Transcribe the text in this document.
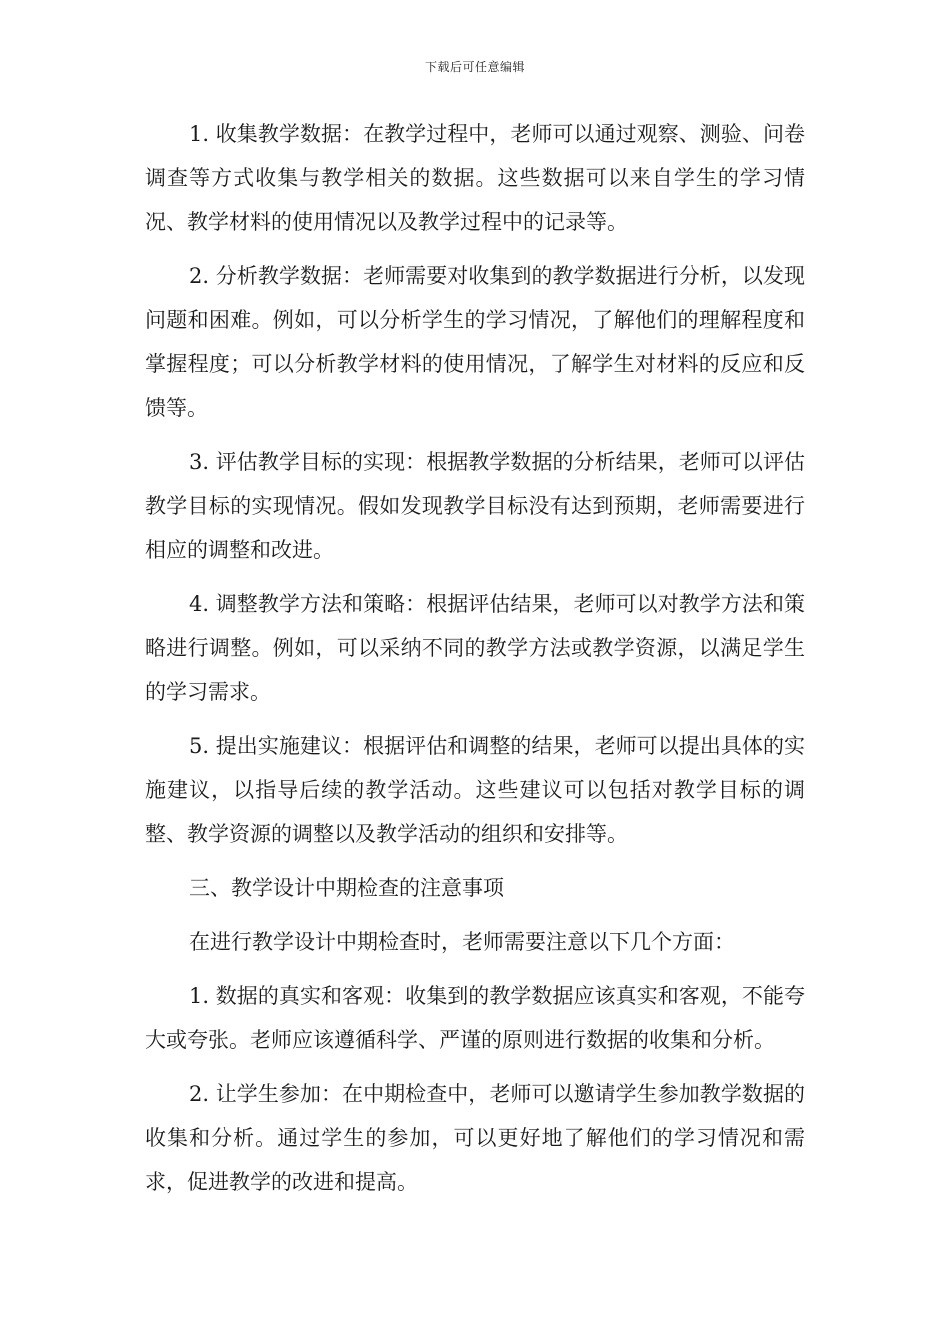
下载后可任意编辑

1. 收集教学数据：在教学过程中，老师可以通过观察、测验、问卷调查等方式收集与教学相关的数据。这些数据可以来自学生的学习情况、教学材料的使用情况以及教学过程中的记录等。

2. 分析教学数据：老师需要对收集到的教学数据进行分析，以发现问题和困难。例如，可以分析学生的学习情况，了解他们的理解程度和掌握程度；可以分析教学材料的使用情况，了解学生对材料的反应和反馈等。

3. 评估教学目标的实现：根据教学数据的分析结果，老师可以评估教学目标的实现情况。假如发现教学目标没有达到预期，老师需要进行相应的调整和改进。

4. 调整教学方法和策略：根据评估结果，老师可以对教学方法和策略进行调整。例如，可以采纳不同的教学方法或教学资源，以满足学生的学习需求。

5. 提出实施建议：根据评估和调整的结果，老师可以提出具体的实施建议，以指导后续的教学活动。这些建议可以包括对教学目标的调整、教学资源的调整以及教学活动的组织和安排等。

三、教学设计中期检查的注意事项

在进行教学设计中期检查时，老师需要注意以下几个方面：

1. 数据的真实和客观：收集到的教学数据应该真实和客观，不能夸大或夸张。老师应该遵循科学、严谨的原则进行数据的收集和分析。

2. 让学生参加：在中期检查中，老师可以邀请学生参加教学数据的收集和分析。通过学生的参加，可以更好地了解他们的学习情况和需求，促进教学的改进和提高。
